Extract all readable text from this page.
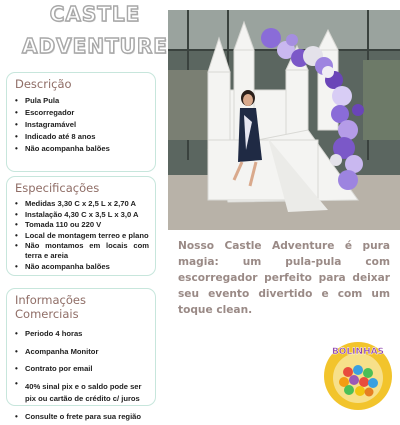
CASTLE
ADVENTURE
Descrição
• Pula Pula
• Escorregador
• Instagramável
• Indicado até 8 anos
• Não acompanha balões
Especificações
• Medidas 3,30 C x 2,5 L x 2,70 A
• Instalação 4,30 C x 3,5 L x 3,0 A
• Tomada 110 ou 220 V
• Local de montagem terreo e plano
• Não montamos em locais com terra e areia
• Não acompanha balões
Informações Comerciais
• Periodo 4 horas
• Acompanha Monitor
• Contrato por email
• 40% sinal pix e o saldo pode ser pix ou cartão de crédito c/ juros
• Consulte o frete para sua região
Nosso Castle Adventure é pura magia: um pula-pula com escorregador perfeito para deixar seu evento divertido e com um toque clean.
BOLINHAS
